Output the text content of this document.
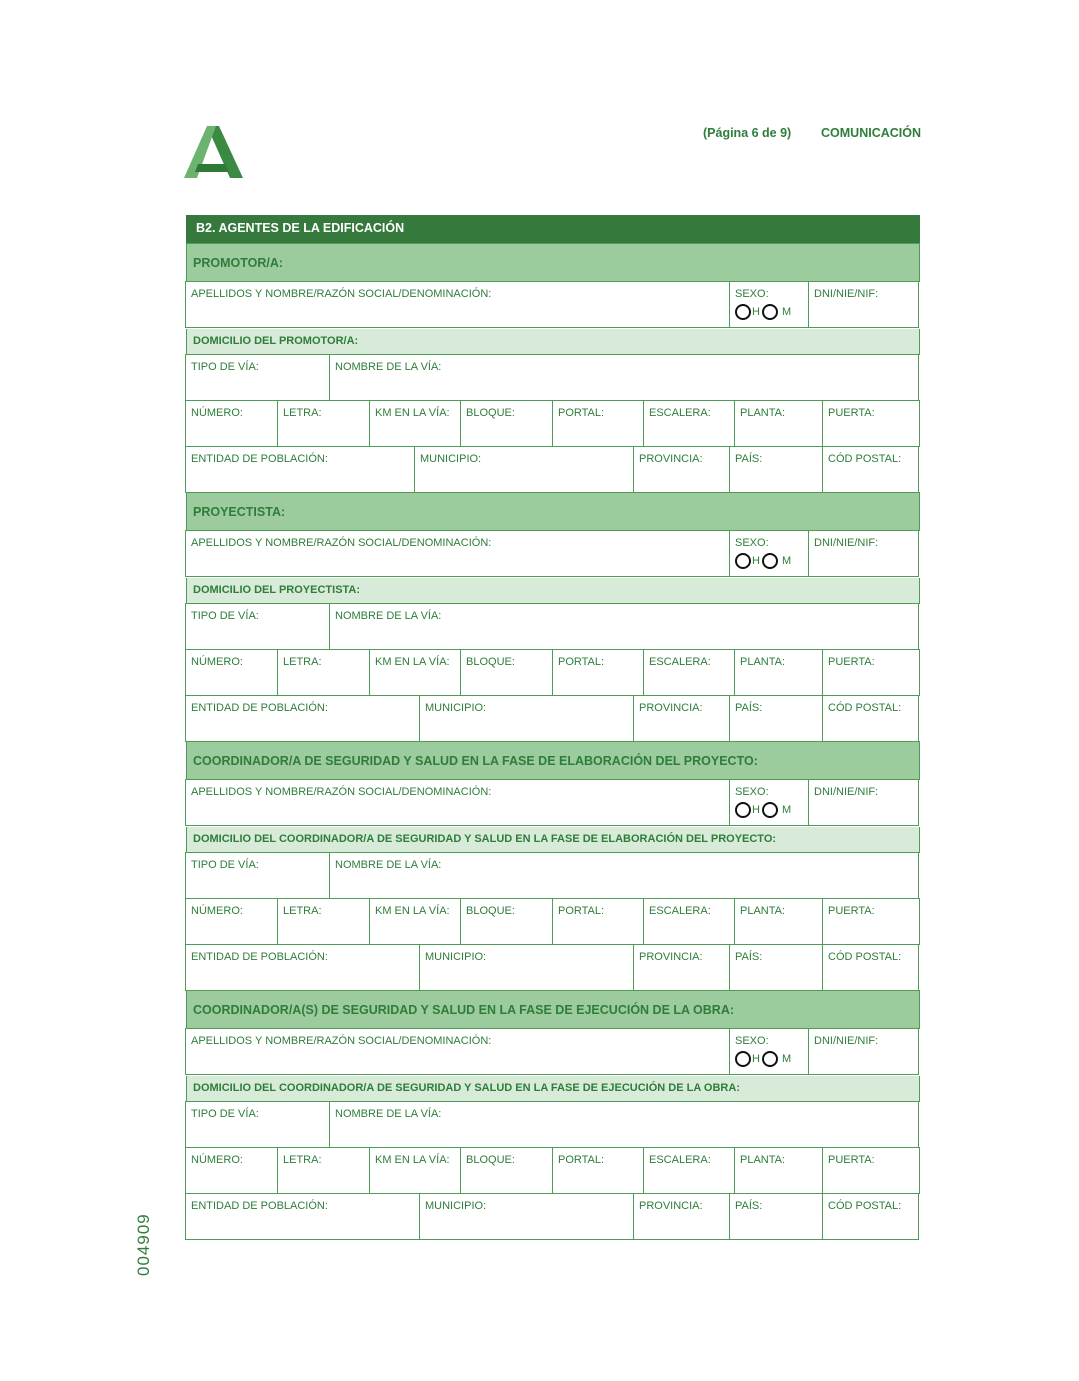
(Página 6 de 9) COMUNICACIÓN
004909
B2. AGENTES DE LA EDIFICACIÓN
PROMOTOR/A:
APELLIDOS Y NOMBRE/RAZÓN SOCIAL/DENOMINACIÓN:	SEXO:
H M
DNI/NIE/NIF:
DOMICILIO DEL PROMOTOR/A:
TIPO DE VÍA:	NOMBRE DE LA VÍA:
NÚMERO:	LETRA:	KM EN LA VÍA:	BLOQUE:	PORTAL:	ESCALERA:	PLANTA:	PUERTA:
ENTIDAD DE POBLACIÓN:	MUNICIPIO:	PROVINCIA:	PAÍS:	CÓD POSTAL:
PROYECTISTA:
APELLIDOS Y NOMBRE/RAZÓN SOCIAL/DENOMINACIÓN:	SEXO:
H M
DNI/NIE/NIF:
DOMICILIO DEL PROYECTISTA:
TIPO DE VÍA:	NOMBRE DE LA VÍA:
NÚMERO:	LETRA:	KM EN LA VÍA:	BLOQUE:	PORTAL:	ESCALERA:	PLANTA:	PUERTA:
ENTIDAD DE POBLACIÓN:	MUNICIPIO:	PROVINCIA:	PAÍS:	CÓD POSTAL:
COORDINADOR/A DE SEGURIDAD Y SALUD EN LA FASE DE ELABORACIÓN DEL PROYECTO:
APELLIDOS Y NOMBRE/RAZÓN SOCIAL/DENOMINACIÓN:	SEXO:
H M
DNI/NIE/NIF:
DOMICILIO DEL COORDINADOR/A DE SEGURIDAD Y SALUD EN LA FASE DE ELABORACIÓN DEL PROYECTO:
TIPO DE VÍA:	NOMBRE DE LA VÍA:
NÚMERO:	LETRA:	KM EN LA VÍA:	BLOQUE:	PORTAL:	ESCALERA:	PLANTA:	PUERTA:
ENTIDAD DE POBLACIÓN:	MUNICIPIO:	PROVINCIA:	PAÍS:	CÓD POSTAL:
COORDINADOR/A(S) DE SEGURIDAD Y SALUD EN LA FASE DE EJECUCIÓN DE LA OBRA:
APELLIDOS Y NOMBRE/RAZÓN SOCIAL/DENOMINACIÓN:	SEXO:
H M
DNI/NIE/NIF:
DOMICILIO DEL COORDINADOR/A DE SEGURIDAD Y SALUD EN LA FASE DE EJECUCIÓN DE LA OBRA:
TIPO DE VÍA:	NOMBRE DE LA VÍA:
NÚMERO:	LETRA:	KM EN LA VÍA:	BLOQUE:	PORTAL:	ESCALERA:	PLANTA:	PUERTA:
ENTIDAD DE POBLACIÓN:	MUNICIPIO:	PROVINCIA:	PAÍS:	CÓD POSTAL:
